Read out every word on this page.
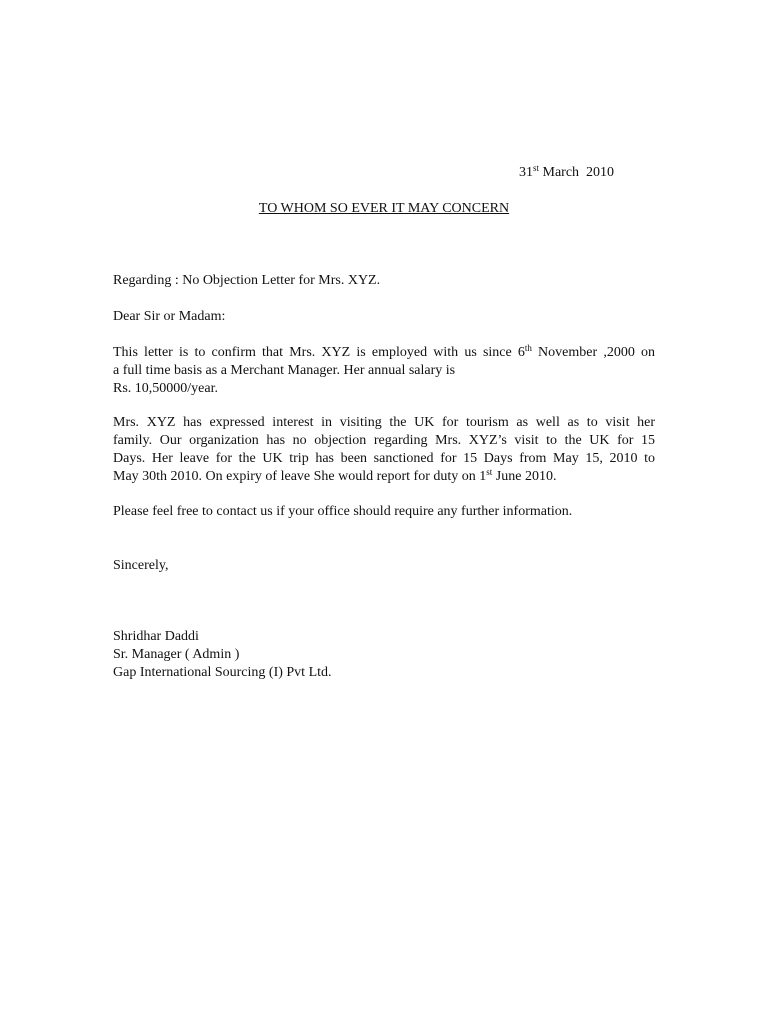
31st March  2010
TO WHOM SO EVER IT MAY CONCERN
Regarding : No Objection Letter for Mrs. XYZ.
Dear Sir or Madam:
This letter is to confirm that Mrs. XYZ is employed with us since 6th November ,2000 on
a full time basis as a Merchant Manager. Her annual salary is
Rs. 10,50000/year.
Mrs. XYZ has expressed interest in visiting the UK for tourism as well as to visit her
family. Our organization has no objection regarding Mrs. XYZ’s visit to the UK for 15
Days. Her leave for the UK trip has been sanctioned for 15 Days from May 15, 2010 to
May 30th 2010. On expiry of leave She would report for duty on 1st June 2010.
Please feel free to contact us if your office should require any further information.
Sincerely,
Shridhar Daddi
Sr. Manager ( Admin )
Gap International Sourcing (I) Pvt Ltd.
